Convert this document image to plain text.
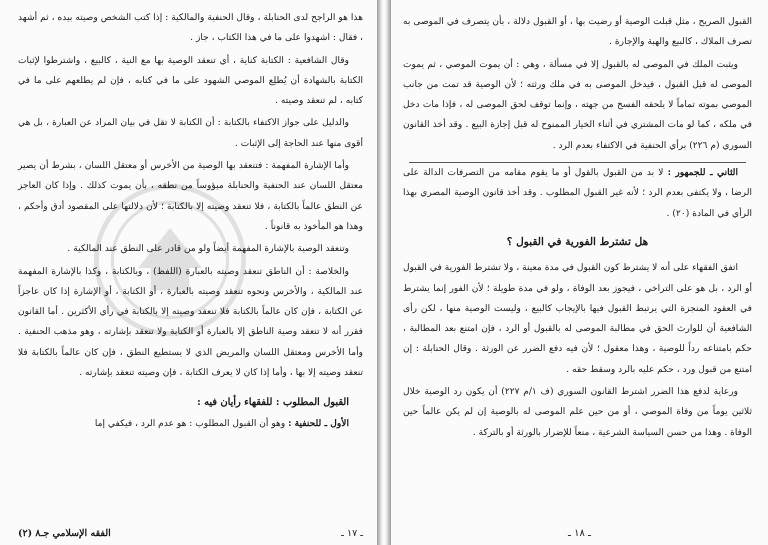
هذا هو الراجح لدى الحنابلة ، وقال الحنفية والمالكية : إذا كتب الشخص وصيته بيده ، ثم أشهد ، فقال : اشهدوا على ما في هذا الكتاب ، جاز .

وقال الشافعية : الكتابة كناية ، أي تنعقد الوصية بها مع النية ، كالبيع ، واشترطوا لإثبات الكتابة بالشهادة أن يُطلِع الموصي الشهود على ما في كتابه ، فإن لم يطلعهم على ما في كتابه ، لم تنعقد وصيته .

والدليل على جواز الاكتفاء بالكتابة : أن الكتابة لا تقل في بيان المراد عن العبارة ، بل هي أقوى منها عند الحاجة إلى الإثبات .

وأما الإشارة المفهمة : فتنعقد بها الوصية من الأخرس أو معتقل اللسان ، بشرط أن يصير معتقل اللسان عند الحنفية والحنابلة ميؤوساً من نطقه ، بأن يموت كذلك . وإذا كان العاجز عن النطق عالماً بالكتابة ، فلا تنعقد وصيته إلا بالكتابة ؛ لأن دلالتها على المقصود أدق وأحكم ، وهذا هو المأخوذ به قانوناً .

وتنعقد الوصية بالإشارة المفهمة أيضاً ولو من قادر على النطق عند المالكية .

والخلاصة : أن الناطق تنعقد وصيته بالعبارة (اللفظ) ، وبالكتابة ، وكذا بالإشارة المفهمة عند المالكية ، والأخرس ونحوه تنعقد وصيته بالعبارة ، أو الكتابة ، أو الإشارة إذا كان عاجزاً عن الكتابة ، فإن كان عالماً بالكتابة فلا تنعقد وصيته إلا بالكتابة في رأي الأكثرين . أما القانون فقرر أنه لا تنعقد وصية الناطق إلا بالعبارة أو الكتابة ولا تنعقد بإشارته ، وهو مذهب الحنفية . وأما الأخرس ومعتقل اللسان والمريض الذي لا يستطيع النطق ، فإن كان عالماً بالكتابة فلا تنعقد وصيته إلا بها ، وأما إذا كان لا يعرف الكتابة ، فإن وصيته تنعقد بإشارته .

القبول المطلوب : للفقهاء رأيان فيه :

الأول ـ للحنفية : وهو أن القبول المطلوب : هو عدم الرد ، فيكفي إما

ـ ١٧ ـ
الفقه الإسلامي جـ٨ (٢)

القبول الصريح ، مثل قبلت الوصية أو رضيت بها ، أو القبول دلالة ، بأن يتصرف في الموصى به تصرف الملاك ، كالبيع والهبة والإجارة .

ويثبت الملك في الموصى له بالقبول إلا في مسألة ، وهي : أن يموت الموصي ، ثم يموت الموصى له قبل القبول ، فيدخل الموصى به في ملك ورثته ؛ لأن الوصية قد تمت من جانب الموصي بموته تماماً لا يلحقه الفسخ من جهته ، وإنما توقف لحق الموصى له ، فإذا مات دخل في ملكه ، كما لو مات المشتري في أثناء الخيار الممنوح له قبل إجازة البيع . وقد أخذ القانون السوري (م ٢٢٦) برأي الحنفية في الاكتفاء بعدم الرد .

الثاني ـ للجمهور : لا بد من القبول بالقول أو ما يقوم مقامه من التصرفات الدالة على الرضا ، ولا يكتفى بعدم الرد ؛ لأنه غير القبول المطلوب . وقد أخذ قانون الوصية المصري بهذا الرأي في المادة (٢٠) .

هل تشترط الفورية في القبول ؟

اتفق الفقهاء على أنه لا يشترط كون القبول في مدة معينة ، ولا تشترط الفورية في القبول أو الرد ، بل هو على التراخي ، فيجوز بعد الوفاة ، ولو في مدة طويلة ؛ لأن الفور إنما يشترط في العقود المنجزة التي يرتبط القبول فيها بالإيجاب كالبيع ، وليست الوصية منها ، لكن رأى الشافعية أن للوارث الحق في مطالبة الموصى له بالقبول أو الرد ، فإن امتنع بعد المطالبة ، حكم بامتناعه رداً للوصية ، وهذا معقول ؛ لأن فيه دفع الضرر عن الورثة . وقال الحنابلة : إن امتنع من قبول ورد ، حكم عليه بالرد وسقط حقه .

ورعاية لدفع هذا الضرر اشترط القانون السوري (ف ١/م ٢٢٧) أن يكون رد الوصية خلال ثلاثين يوماً من وفاة الموصي ، أو من حين علم الموصى له بالوصية إن لم يكن عالماً حين الوفاة . وهذا من حسن السياسة الشرعية ، منعاً للإضرار بالورثة أو بالتركة .

ـ ١٨ ـ
